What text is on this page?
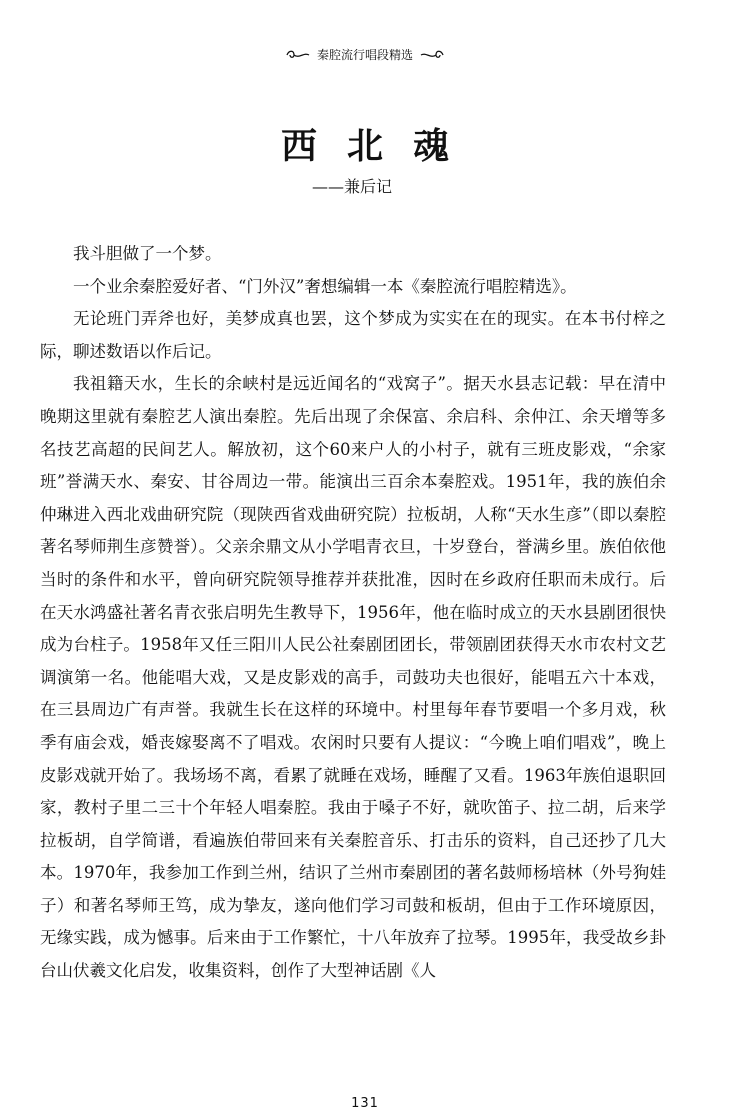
秦腔流行唱段精选
西北魂
——兼后记

我斗胆做了一个梦。

一个业余秦腔爱好者、“门外汉”奢想编辑一本《秦腔流行唱腔精选》。

无论班门弄斧也好，美梦成真也罢，这个梦成为实实在在的现实。在本书付梓之际，聊述数语以作后记。

我祖籍天水，生长的余峡村是远近闻名的“戏窝子”。据天水县志记载：早在清中晚期这里就有秦腔艺人演出秦腔。先后出现了余保富、余启科、余仲江、余天增等多名技艺高超的民间艺人。解放初，这个60来户人的小村子，就有三班皮影戏，“余家班”誉满天水、秦安、甘谷周边一带。能演出三百余本秦腔戏。1951年，我的族伯余仲琳进入西北戏曲研究院（现陕西省戏曲研究院）拉板胡，人称“天水生彦”（即以秦腔著名琴师荆生彦赞誉）。父亲余鼎文从小学唱青衣旦，十岁登台，誉满乡里。族伯依他当时的条件和水平，曾向研究院领导推荐并获批准，因时在乡政府任职而未成行。后在天水鸿盛社著名青衣张启明先生教导下，1956年，他在临时成立的天水县剧团很快成为台柱子。1958年又任三阳川人民公社秦剧团团长，带领剧团获得天水市农村文艺调演第一名。他能唱大戏，又是皮影戏的高手，司鼓功夫也很好，能唱五六十本戏，在三县周边广有声誉。我就生长在这样的环境中。村里每年春节要唱一个多月戏，秋季有庙会戏，婚丧嫁娶离不了唱戏。农闲时只要有人提议：“今晚上咱们唱戏”，晚上皮影戏就开始了。我场场不离，看累了就睡在戏场，睡醒了又看。1963年族伯退职回家，教村子里二三十个年轻人唱秦腔。我由于嗓子不好，就吹笛子、拉二胡，后来学拉板胡，自学简谱，看遍族伯带回来有关秦腔音乐、打击乐的资料，自己还抄了几大本。1970年，我参加工作到兰州，结识了兰州市秦剧团的著名鼓师杨培林（外号狗娃子）和著名琴师王笃，成为挚友，遂向他们学习司鼓和板胡，但由于工作环境原因，无缘实践，成为憾事。后来由于工作繁忙，十八年放弃了拉琴。1995年，我受故乡卦台山伏羲文化启发，收集资料，创作了大型神话剧《人

131
